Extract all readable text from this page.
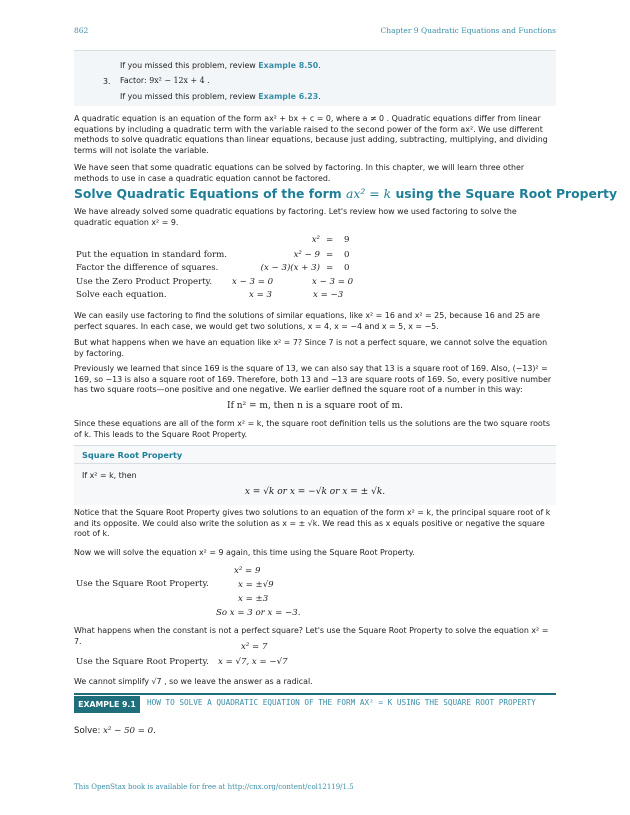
862	Chapter 9 Quadratic Equations and Functions
If you missed this problem, review Example 8.50.
3. Factor: 9x² − 12x + 4 .
If you missed this problem, review Example 6.23.

A quadratic equation is an equation of the form ax² + bx + c = 0, where a ≠ 0 . Quadratic equations differ from linear equations by including a quadratic term with the variable raised to the second power of the form ax². We use different methods to solve quadratic equations than linear equations, because just adding, subtracting, multiplying, and dividing terms will not isolate the variable.

We have seen that some quadratic equations can be solved by factoring. In this chapter, we will learn three other methods to use in case a quadratic equation cannot be factored.

Solve Quadratic Equations of the form ax² = k using the Square Root Property

We have already solved some quadratic equations by factoring. Let's review how we used factoring to solve the quadratic equation x² = 9.

x² = 9
Put the equation in standard form.	x² − 9 = 0
Factor the difference of squares.	(x − 3)(x + 3) = 0
Use the Zero Product Property. x − 3 = 0	x − 3 = 0
Solve each equation.	x = 3	x = −3

We can easily use factoring to find the solutions of similar equations, like x² = 16 and x² = 25, because 16 and 25 are perfect squares. In each case, we would get two solutions, x = 4, x = −4 and x = 5, x = −5.

But what happens when we have an equation like x² = 7? Since 7 is not a perfect square, we cannot solve the equation by factoring.

Previously we learned that since 169 is the square of 13, we can also say that 13 is a square root of 169. Also, (−13)² = 169, so −13 is also a square root of 169. Therefore, both 13 and −13 are square roots of 169. So, every positive number has two square roots—one positive and one negative. We earlier defined the square root of a number in this way:

If n² = m, then n is a square root of m.

Since these equations are all of the form x² = k, the square root definition tells us the solutions are the two square roots of k. This leads to the Square Root Property.

Square Root Property
If x² = k, then
x = √k or x = −√k or x = ± √k.

Notice that the Square Root Property gives two solutions to an equation of the form x² = k, the principal square root of k and its opposite. We could also write the solution as x = ± √k. We read this as x equals positive or negative the square root of k.

Now we will solve the equation x² = 9 again, this time using the Square Root Property.

Use the Square Root Property.
x² = 9
x = ±√9
x = ±3
So x = 3 or x = −3.

What happens when the constant is not a perfect square? Let's use the Square Root Property to solve the equation x² = 7.

x² = 7
Use the Square Root Property. x = √7, x = −√7

We cannot simplify √7 , so we leave the answer as a radical.

EXAMPLE 9.1	HOW TO SOLVE A QUADRATIC EQUATION OF THE FORM AX² = K USING THE SQUARE ROOT PROPERTY
Solve: x² − 50 = 0.
This OpenStax book is available for free at http://cnx.org/content/col12119/1.5
